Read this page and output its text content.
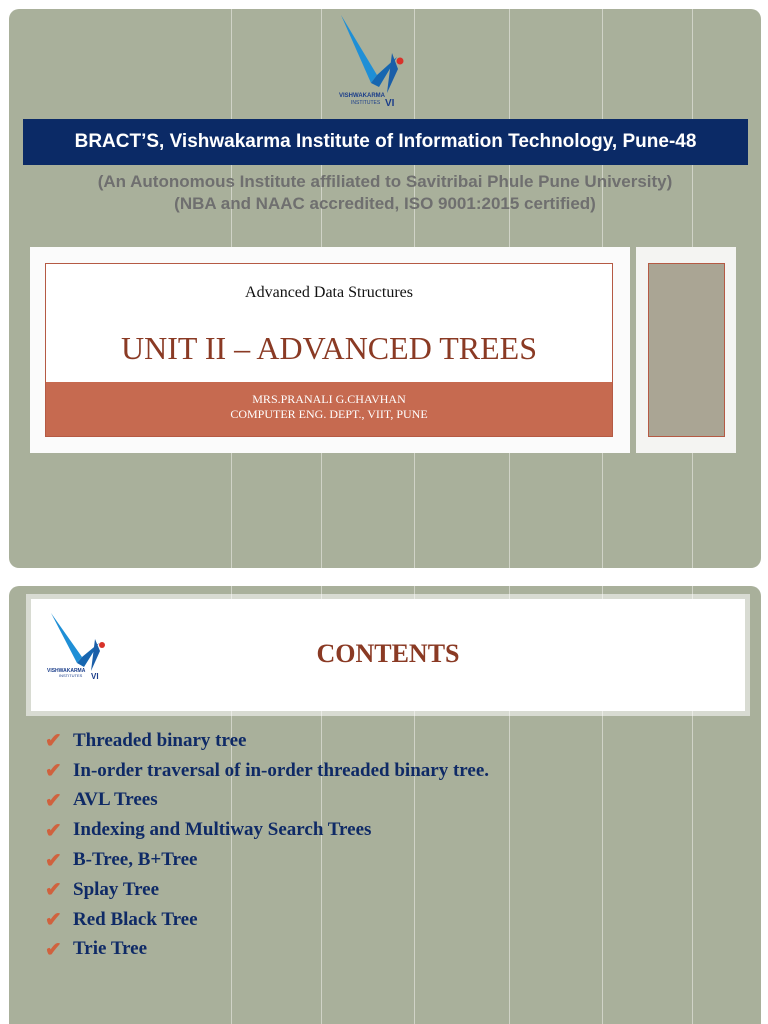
VISHWAKARMA
INSTITUTES VI
BRACT’S, Vishwakarma Institute of Information Technology, Pune-48
(An Autonomous Institute affiliated to Savitribai Phule Pune University)
(NBA and NAAC accredited, ISO 9001:2015 certified)
Advanced Data Structures
UNIT II – ADVANCED TREES
MRS.PRANALI G.CHAVHAN
COMPUTER ENG. DEPT., VIIT, PUNE
VISHWAKARMA
INSTITUTES VI
CONTENTS
✔ Threaded binary tree
✔ In-order traversal of in-order threaded binary tree.
✔ AVL Trees
✔ Indexing and Multiway Search Trees
✔ B-Tree, B+Tree
✔ Splay Tree
✔ Red Black Tree
✔ Trie Tree
